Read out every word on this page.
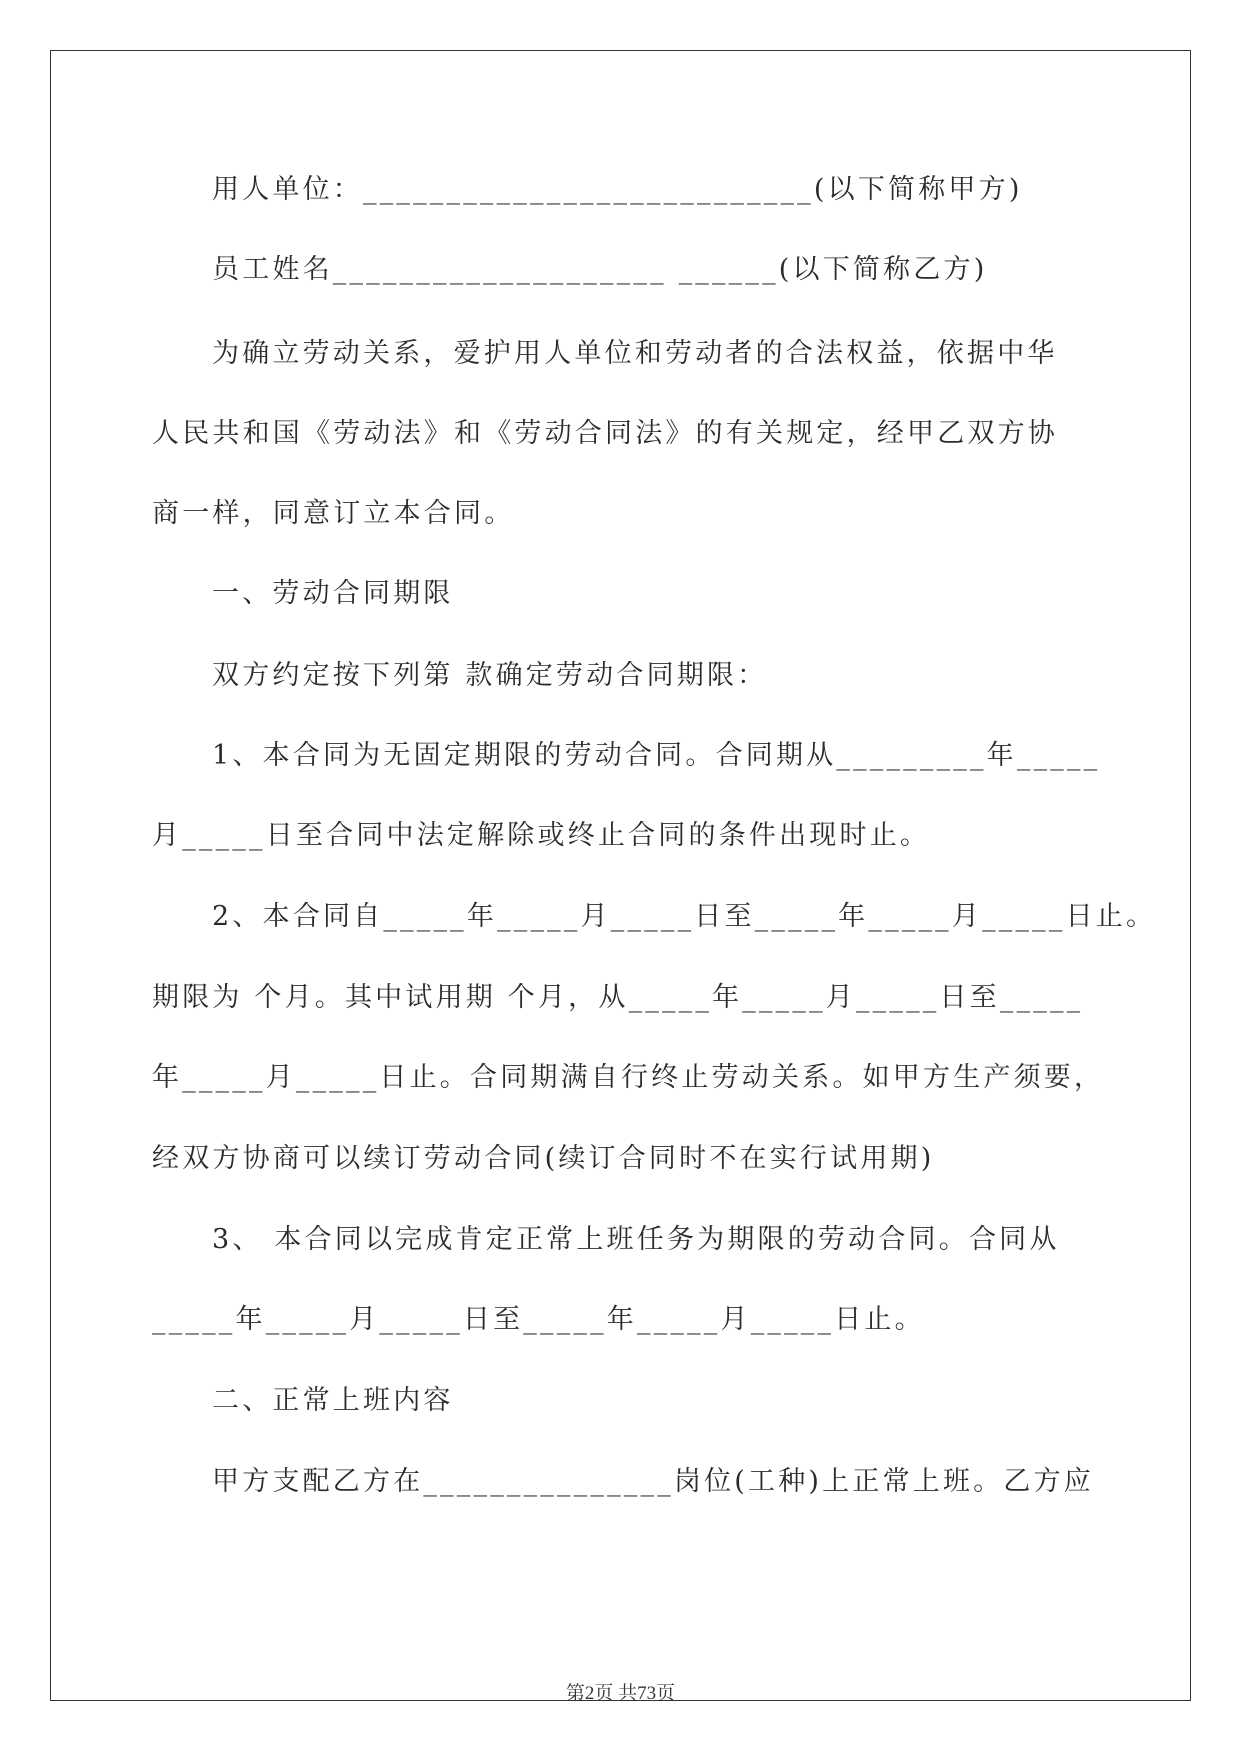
用人单位：___________________________(以下简称甲方)
员工姓名____________________ ______(以下简称乙方)
为确立劳动关系，爱护用人单位和劳动者的合法权益，依据中华
人民共和国《劳动法》和《劳动合同法》的有关规定，经甲乙双方协
商一样，同意订立本合同。
一、劳动合同期限
双方约定按下列第 款确定劳动合同期限：
1、本合同为无固定期限的劳动合同。合同期从_________年_____
月_____日至合同中法定解除或终止合同的条件出现时止。
2、本合同自_____年_____月_____日至_____年_____月_____日止。
期限为 个月。其中试用期 个月，从_____年_____月_____日至_____
年_____月_____日止。合同期满自行终止劳动关系。如甲方生产须要，
经双方协商可以续订劳动合同(续订合同时不在实行试用期)
3、 本合同以完成肯定正常上班任务为期限的劳动合同。合同从
_____年_____月_____日至_____年_____月_____日止。
二、正常上班内容
甲方支配乙方在_______________岗位(工种)上正常上班。乙方应
第2页 共73页
